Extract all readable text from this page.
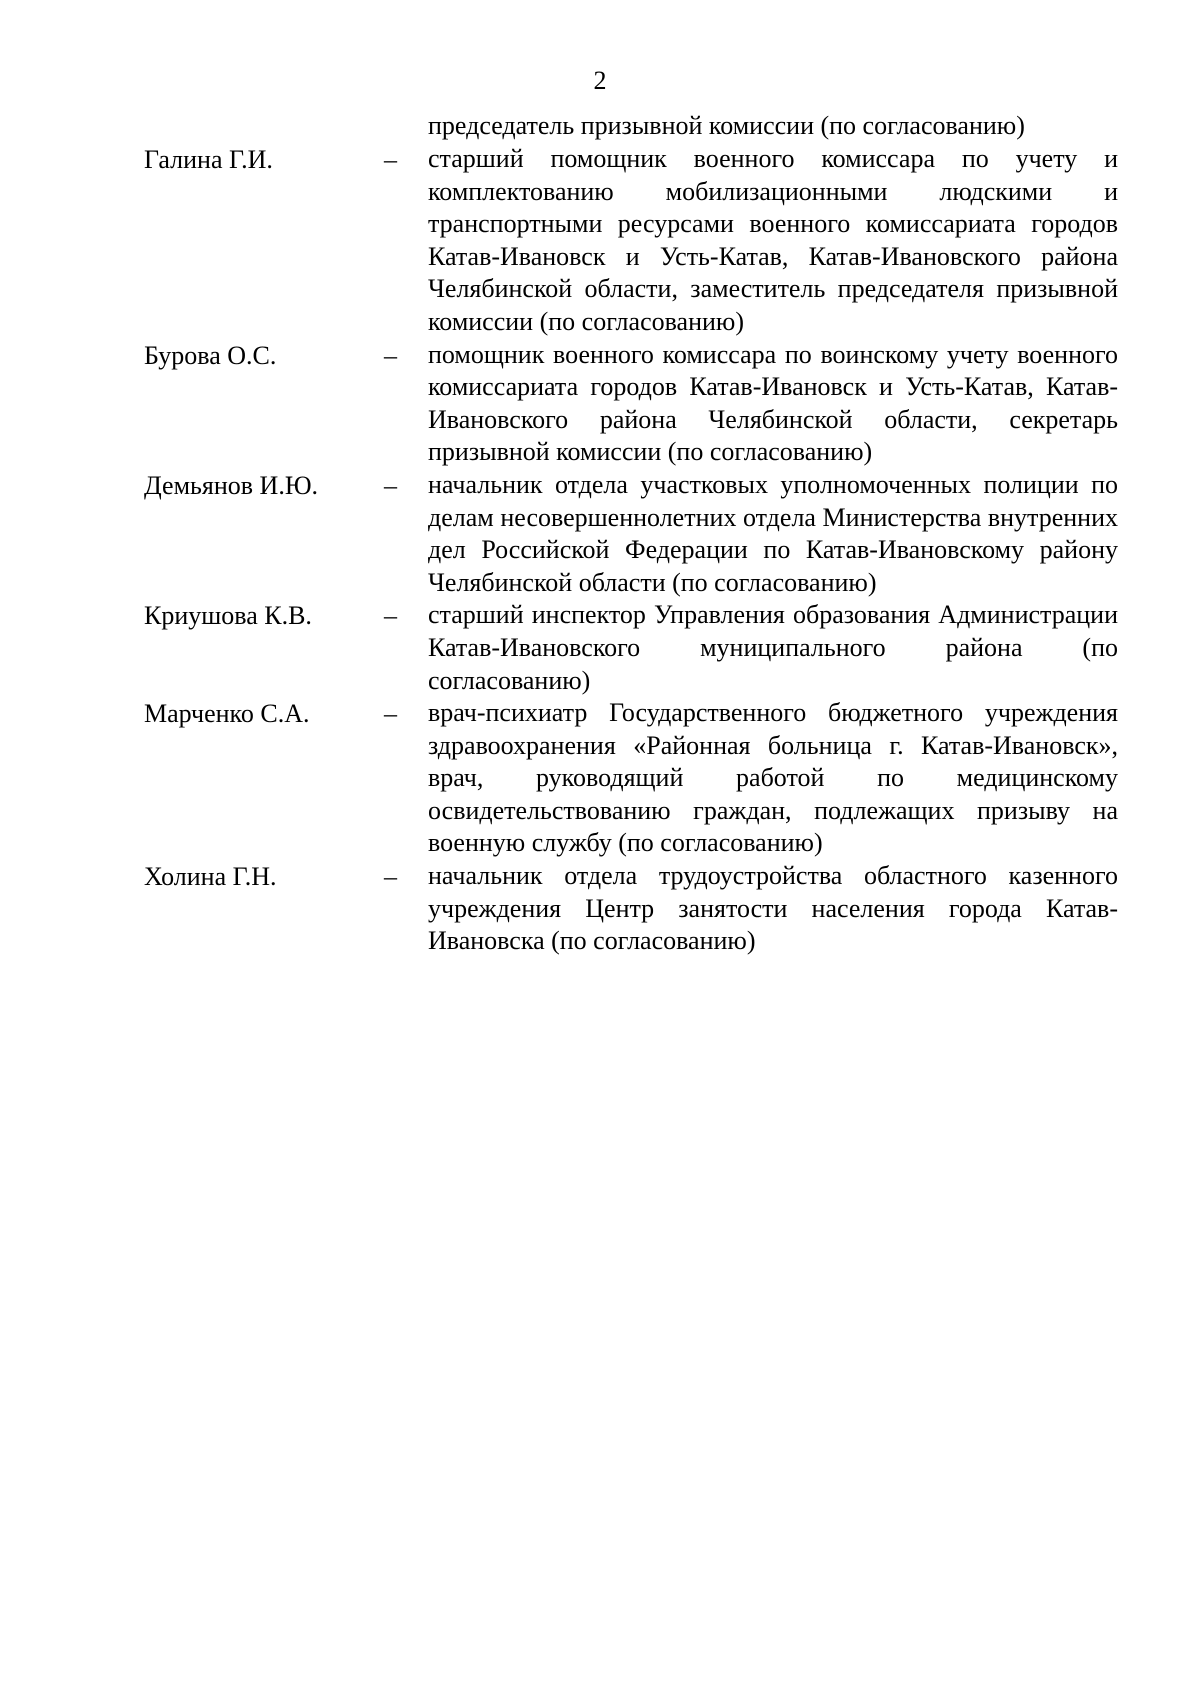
2
председатель призывной комиссии (по согласованию)
Галина Г.И.	– старший помощник военного комиссара по учету и комплектованию мобилизационными людскими и транспортными ресурсами военного комиссариата городов Катав-Ивановск и Усть-Катав, Катав-Ивановского района Челябинской области, заместитель председателя призывной комиссии (по согласованию)
Бурова О.С.	– помощник военного комиссара по воинскому учету военного комиссариата городов Катав-Ивановск и Усть-Катав, Катав-Ивановского района Челябинской области, секретарь призывной комиссии (по согласованию)
Демьянов И.Ю.	– начальник отдела участковых уполномоченных полиции по делам несовершеннолетних отдела Министерства внутренних дел Российской Федерации по Катав-Ивановскому району Челябинской области (по согласованию)
Криушова К.В.	– старший инспектор Управления образования Администрации Катав-Ивановского муниципального района (по согласованию)
Марченко С.А.	– врач-психиатр Государственного бюджетного учреждения здравоохранения «Районная больница г. Катав-Ивановск», врач, руководящий работой по медицинскому освидетельствованию граждан, подлежащих призыву на военную службу (по согласованию)
Холина Г.Н.	– начальник отдела трудоустройства областного казенного учреждения Центр занятости населения города Катав-Ивановска (по согласованию)
